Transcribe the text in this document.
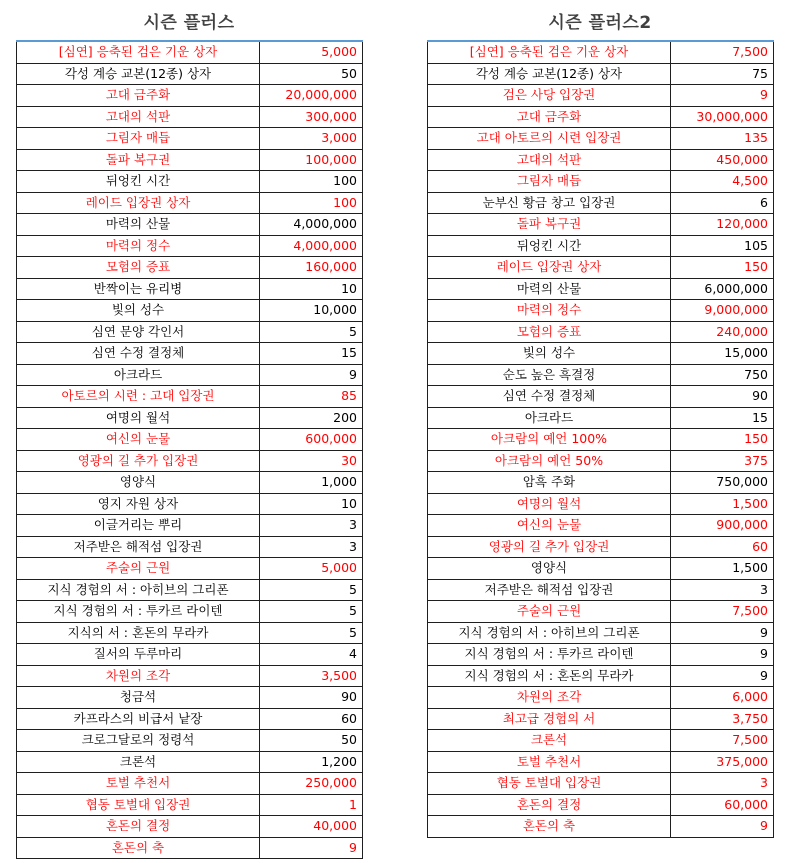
시즌 플러스
[심연] 응축된 검은 기운 상자	5,000
각성 계승 교본(12종) 상자	50
고대 금주화	20,000,000
고대의 석판	300,000
그림자 매듭	3,000
돌파 복구권	100,000
뒤엉킨 시간	100
레이드 입장권 상자	100
마력의 산물	4,000,000
마력의 정수	4,000,000
모험의 증표	160,000
반짝이는 유리병	10
빛의 성수	10,000
심연 문양 각인서	5
심연 수정 결정체	15
아크라드	9
아토르의 시련 : 고대 입장권	85
여명의 월석	200
여신의 눈물	600,000
영광의 길 추가 입장권	30
영양식	1,000
영지 자원 상자	10
이글거리는 뿌리	3
저주받은 해적섬 입장권	3
주술의 근원	5,000
지식 경험의 서 : 아히브의 그리폰	5
지식 경험의 서 : 투카르 라이텐	5
지식의 서 : 혼돈의 무라카	5
질서의 두루마리	4
차원의 조각	3,500
청금석	90
카프라스의 비급서 낱장	60
크로그달로의 정령석	50
크론석	1,200
토벌 추천서	250,000
협동 토벌대 입장권	1
혼돈의 결정	40,000
혼돈의 축	9
시즌 플러스2
[심연] 응축된 검은 기운 상자	7,500
각성 계승 교본(12종) 상자	75
검은 사당 입장권	9
고대 금주화	30,000,000
고대 아토르의 시련 입장권	135
고대의 석판	450,000
그림자 매듭	4,500
눈부신 황금 창고 입장권	6
돌파 복구권	120,000
뒤엉킨 시간	105
레이드 입장권 상자	150
마력의 산물	6,000,000
마력의 정수	9,000,000
모험의 증표	240,000
빛의 성수	15,000
순도 높은 흑결정	750
심연 수정 결정체	90
아크라드	15
아크람의 예언 100%	150
아크람의 예언 50%	375
암흑 주화	750,000
여명의 월석	1,500
여신의 눈물	900,000
영광의 길 추가 입장권	60
영양식	1,500
저주받은 해적섬 입장권	3
주술의 근원	7,500
지식 경험의 서 : 아히브의 그리폰	9
지식 경험의 서 : 투카르 라이텐	9
지식 경험의 서 : 혼돈의 무라카	9
차원의 조각	6,000
최고급 경험의 서	3,750
크론석	7,500
토벌 추천서	375,000
협동 토벌대 입장권	3
혼돈의 결정	60,000
혼돈의 축	9
